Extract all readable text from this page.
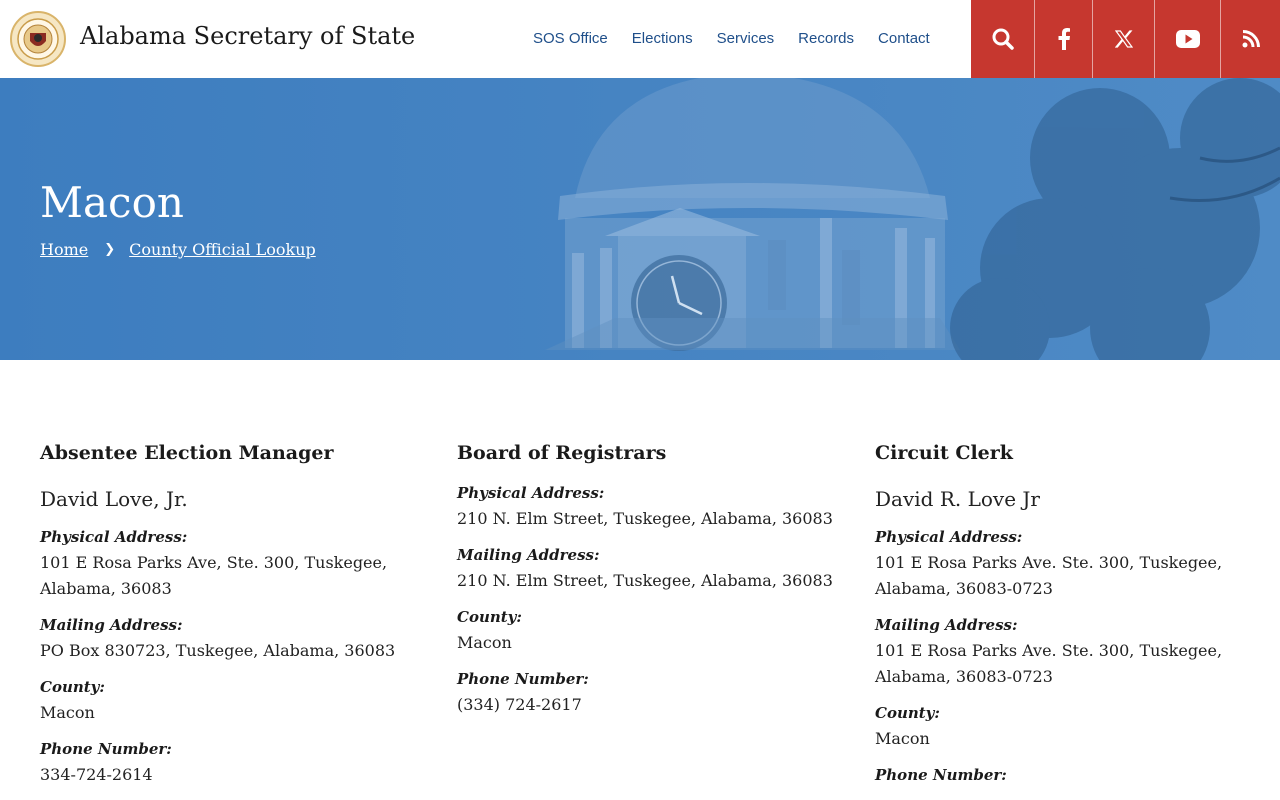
Alabama Secretary of State	SOS Office Elections Services Records Contact
Macon
Home ❯ County Official Lookup
Absentee Election Manager
David Love, Jr.
Physical Address:
101 E Rosa Parks Ave, Ste. 300, Tuskegee, Alabama, 36083
Mailing Address:
PO Box 830723, Tuskegee, Alabama, 36083
County:
Macon
Phone Number:
334-724-2614
Board of Registrars
Physical Address:
210 N. Elm Street, Tuskegee, Alabama, 36083
Mailing Address:
210 N. Elm Street, Tuskegee, Alabama, 36083
County:
Macon
Phone Number:
(334) 724-2617
Circuit Clerk
David R. Love Jr
Physical Address:
101 E Rosa Parks Ave. Ste. 300, Tuskegee, Alabama, 36083-0723
Mailing Address:
101 E Rosa Parks Ave. Ste. 300, Tuskegee, Alabama, 36083-0723
County:
Macon
Phone Number:
